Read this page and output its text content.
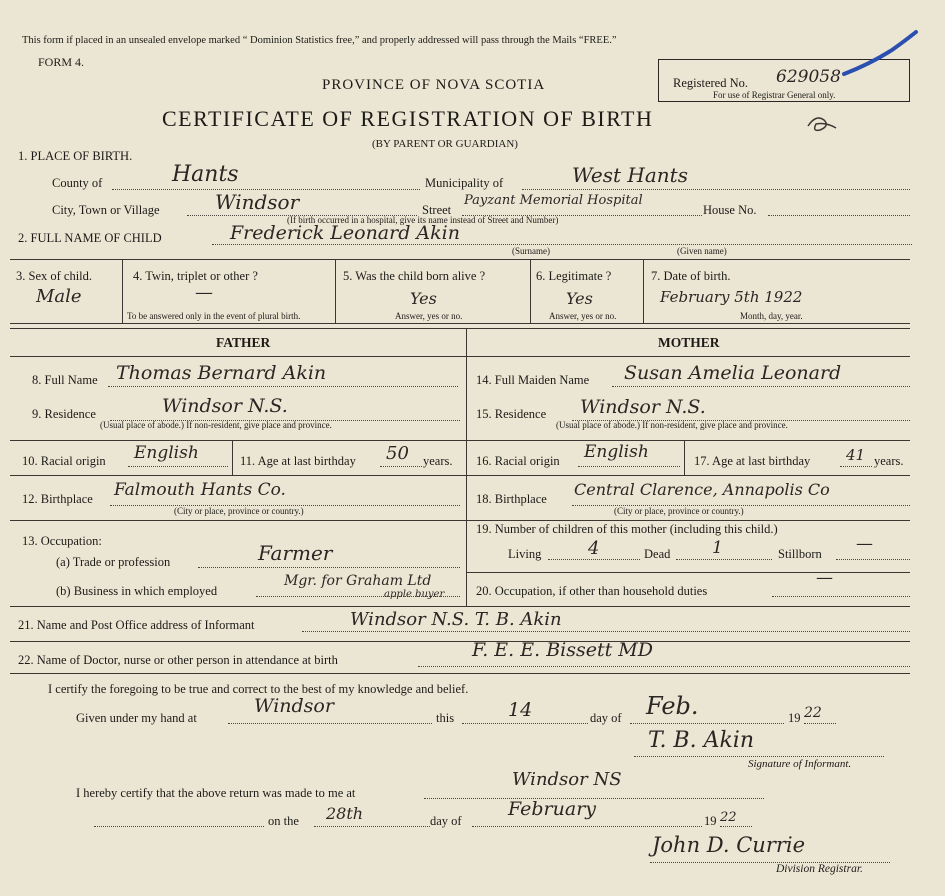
This form if placed in an unsealed envelope marked “ Dominion Statistics free,” and properly addressed will pass through the Mails “FREE.”
FORM 4.
Registered No. 629058
For use of Registrar General only.
PROVINCE OF NOVA SCOTIA
CERTIFICATE OF REGISTRATION OF BIRTH
(BY PARENT OR GUARDIAN)
1. PLACE OF BIRTH.
County of	Hants	Municipality of	West Hants
City, Town or Village	Windsor	Street
Payzant Memorial Hospital
House No.
(If birth occurred in a hospital, give its name instead of Street and Number)
2. FULL NAME OF CHILD	Frederick Leonard Akin
(Surname)	(Given name)
3. Sex of child.
Male
4. Twin, triplet or other ?
—
To be answered only in the event of plural birth.
5. Was the child born alive ?
Yes
Answer, yes or no.
6. Legitimate ?
Yes
Answer, yes or no.
7. Date of birth.
February 5th 1922
Month, day, year.
FATHER	MOTHER
8. Full Name Thomas Bernard Akin
9. Residence	Windsor N.S.
(Usual place of abode.) If non-resident, give place and province.
10. Racial origin English	11. Age at last birthday 50 years.
12. Birthplace Falmouth Hants Co.
(City or place, province or country.)
13. Occupation:
(a) Trade or profession	Farmer
(b) Business in which employed
Mgr. for Graham Ltd
apple buyer
14. Full Maiden Name Susan Amelia Leonard
15. Residence Windsor N.S.
(Usual place of abode.) If non-resident, give place and province.
16. Racial origin English	17. Age at last birthday 41 years.
18. Birthplace Central Clarence, Annapolis Co
(City or place, province or country.)
19. Number of children of this mother (including this child.)
Living	4	Dead 1	Stillborn —
20. Occupation, if other than household duties
—
21. Name and Post Office address of Informant	Windsor N.S. T. B. Akin
22. Name of Doctor, nurse or other person in attendance at birth	F. E. E. Bissett MD
I certify the foregoing to be true and correct to the best of my knowledge and belief.
Given under my hand at
Windsor
this	14	day of Feb.	19 22
T. B. Akin
Signature of Informant.
I hereby certify that the above return was made to me at
Windsor NS
on the 28th	day of
February
19 22
John D. Currie
Division Registrar.
